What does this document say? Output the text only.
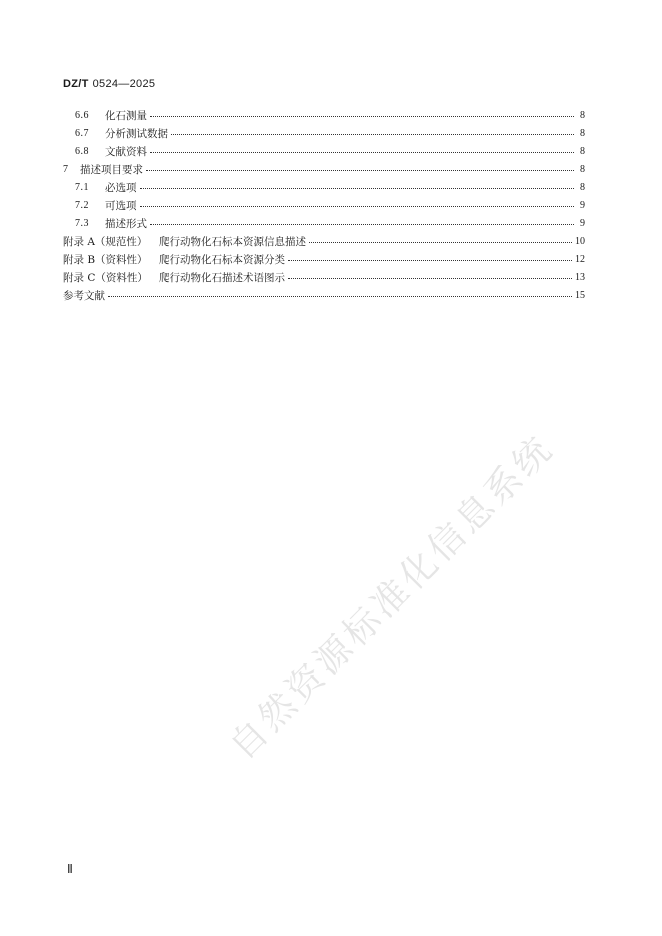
DZ/T 0524—2025
6.6	化石测量	8
6.7	分析测试数据	8
6.8	文献资料	8
7	描述项目要求	8
7.1	必选项	8
7.2	可选项	9
7.3	描述形式	9
附录 A（规范性）	爬行动物化石标本资源信息描述	10
附录 B（资料性）	爬行动物化石标本资源分类	12
附录 C（资料性）	爬行动物化石描述术语图示	13
参考文献	15
自然资源标准化信息系统
Ⅱ
